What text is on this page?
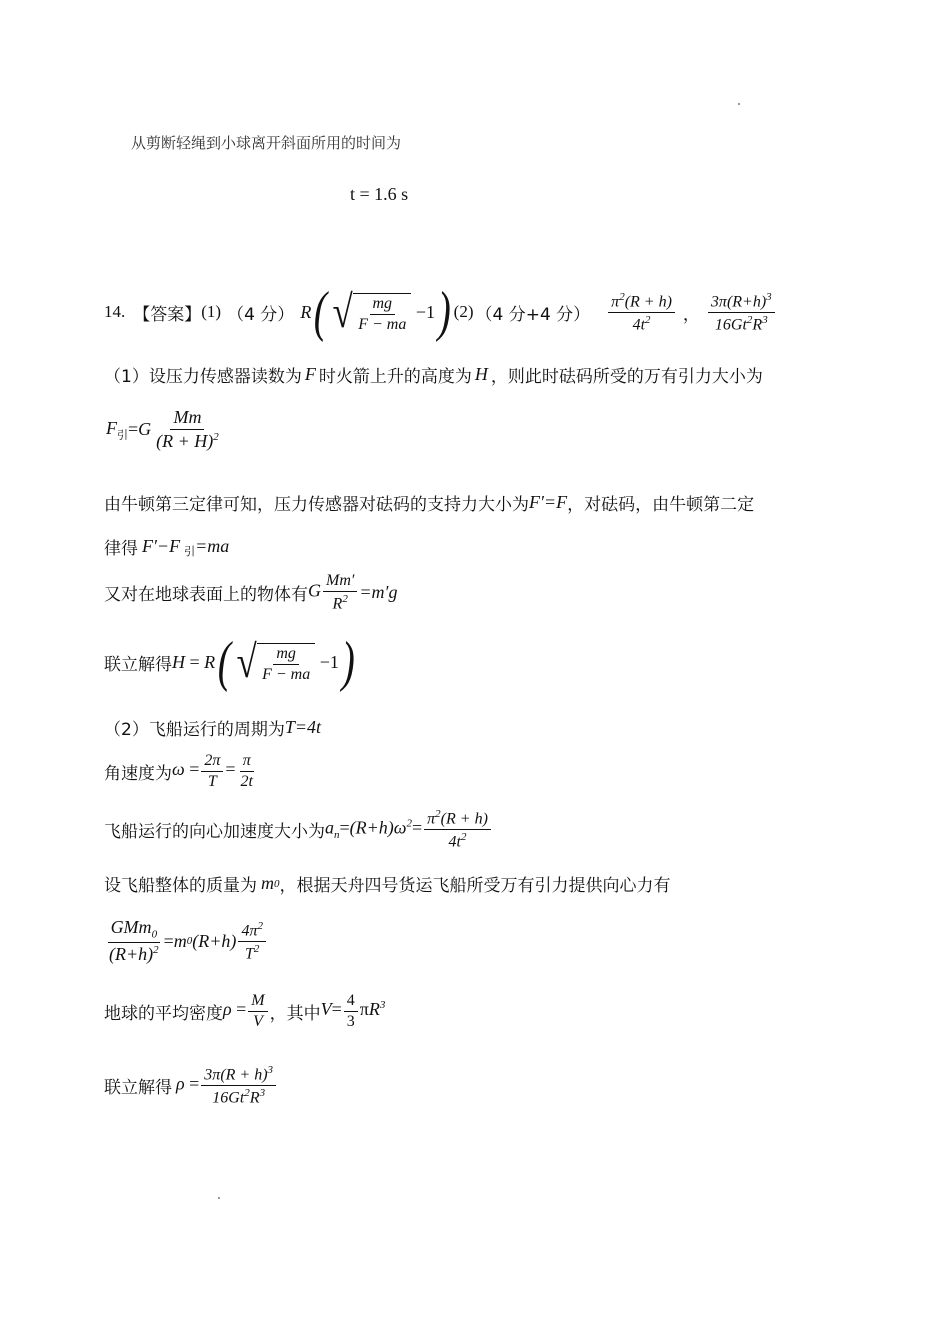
从剪断轻绳到小球离开斜面所用的时间为
t = 1.6 s
14. 【答案】 (1) （4 分） R ( √ $\frac{mg}{F - ma} -1$ ) (2) （4 分+4 分） $\frac{\pi^2(R + h)}{4t^2}$ ， $\frac{3\pi(R+h)^3}{16Gt^2R^3}$
（1）设压力传感器读数为 F 时火箭上升的高度为 H ，则此时砝码所受的万有引力大小为
$F_引 = G \frac{Mm}{(R + H)^2}$
由牛顿第三定律可知，压力传感器对砝码的支持力大小为 F′=F ，对砝码，由牛顿第二定
律得 F′−F 引 =ma
又对在地球表面上的物体有 G $\frac{Mm'}{R^2} =m'g$
联立解得 H = R ( √ $\frac{mg}{F - ma} -1$ )
（2）飞船运行的周期为 T=4t
角速度为 $\omega = \frac{2\pi}{T} = \frac{\pi}{2t}$
飞船运行的向心加速度大小为 $a_n=(R+h)\omega^2= \frac{\pi^2(R + h)}{4t^2}$
设飞船整体的质量为 m 0 ，根据天舟四号货运飞船所受万有引力提供向心力有
$\frac{GMm_0}{(R+h)^2} = m$ 0 $(R+h) \frac{4\pi^2}{T^2}$
地球的平均密度 $\rho = \frac{M}{V}$ ，其中 $V= \frac{4}{3} \pi R^3$
联立解得 $\rho = \frac{3\pi(R + h)^3}{16Gt^2R^3}$
